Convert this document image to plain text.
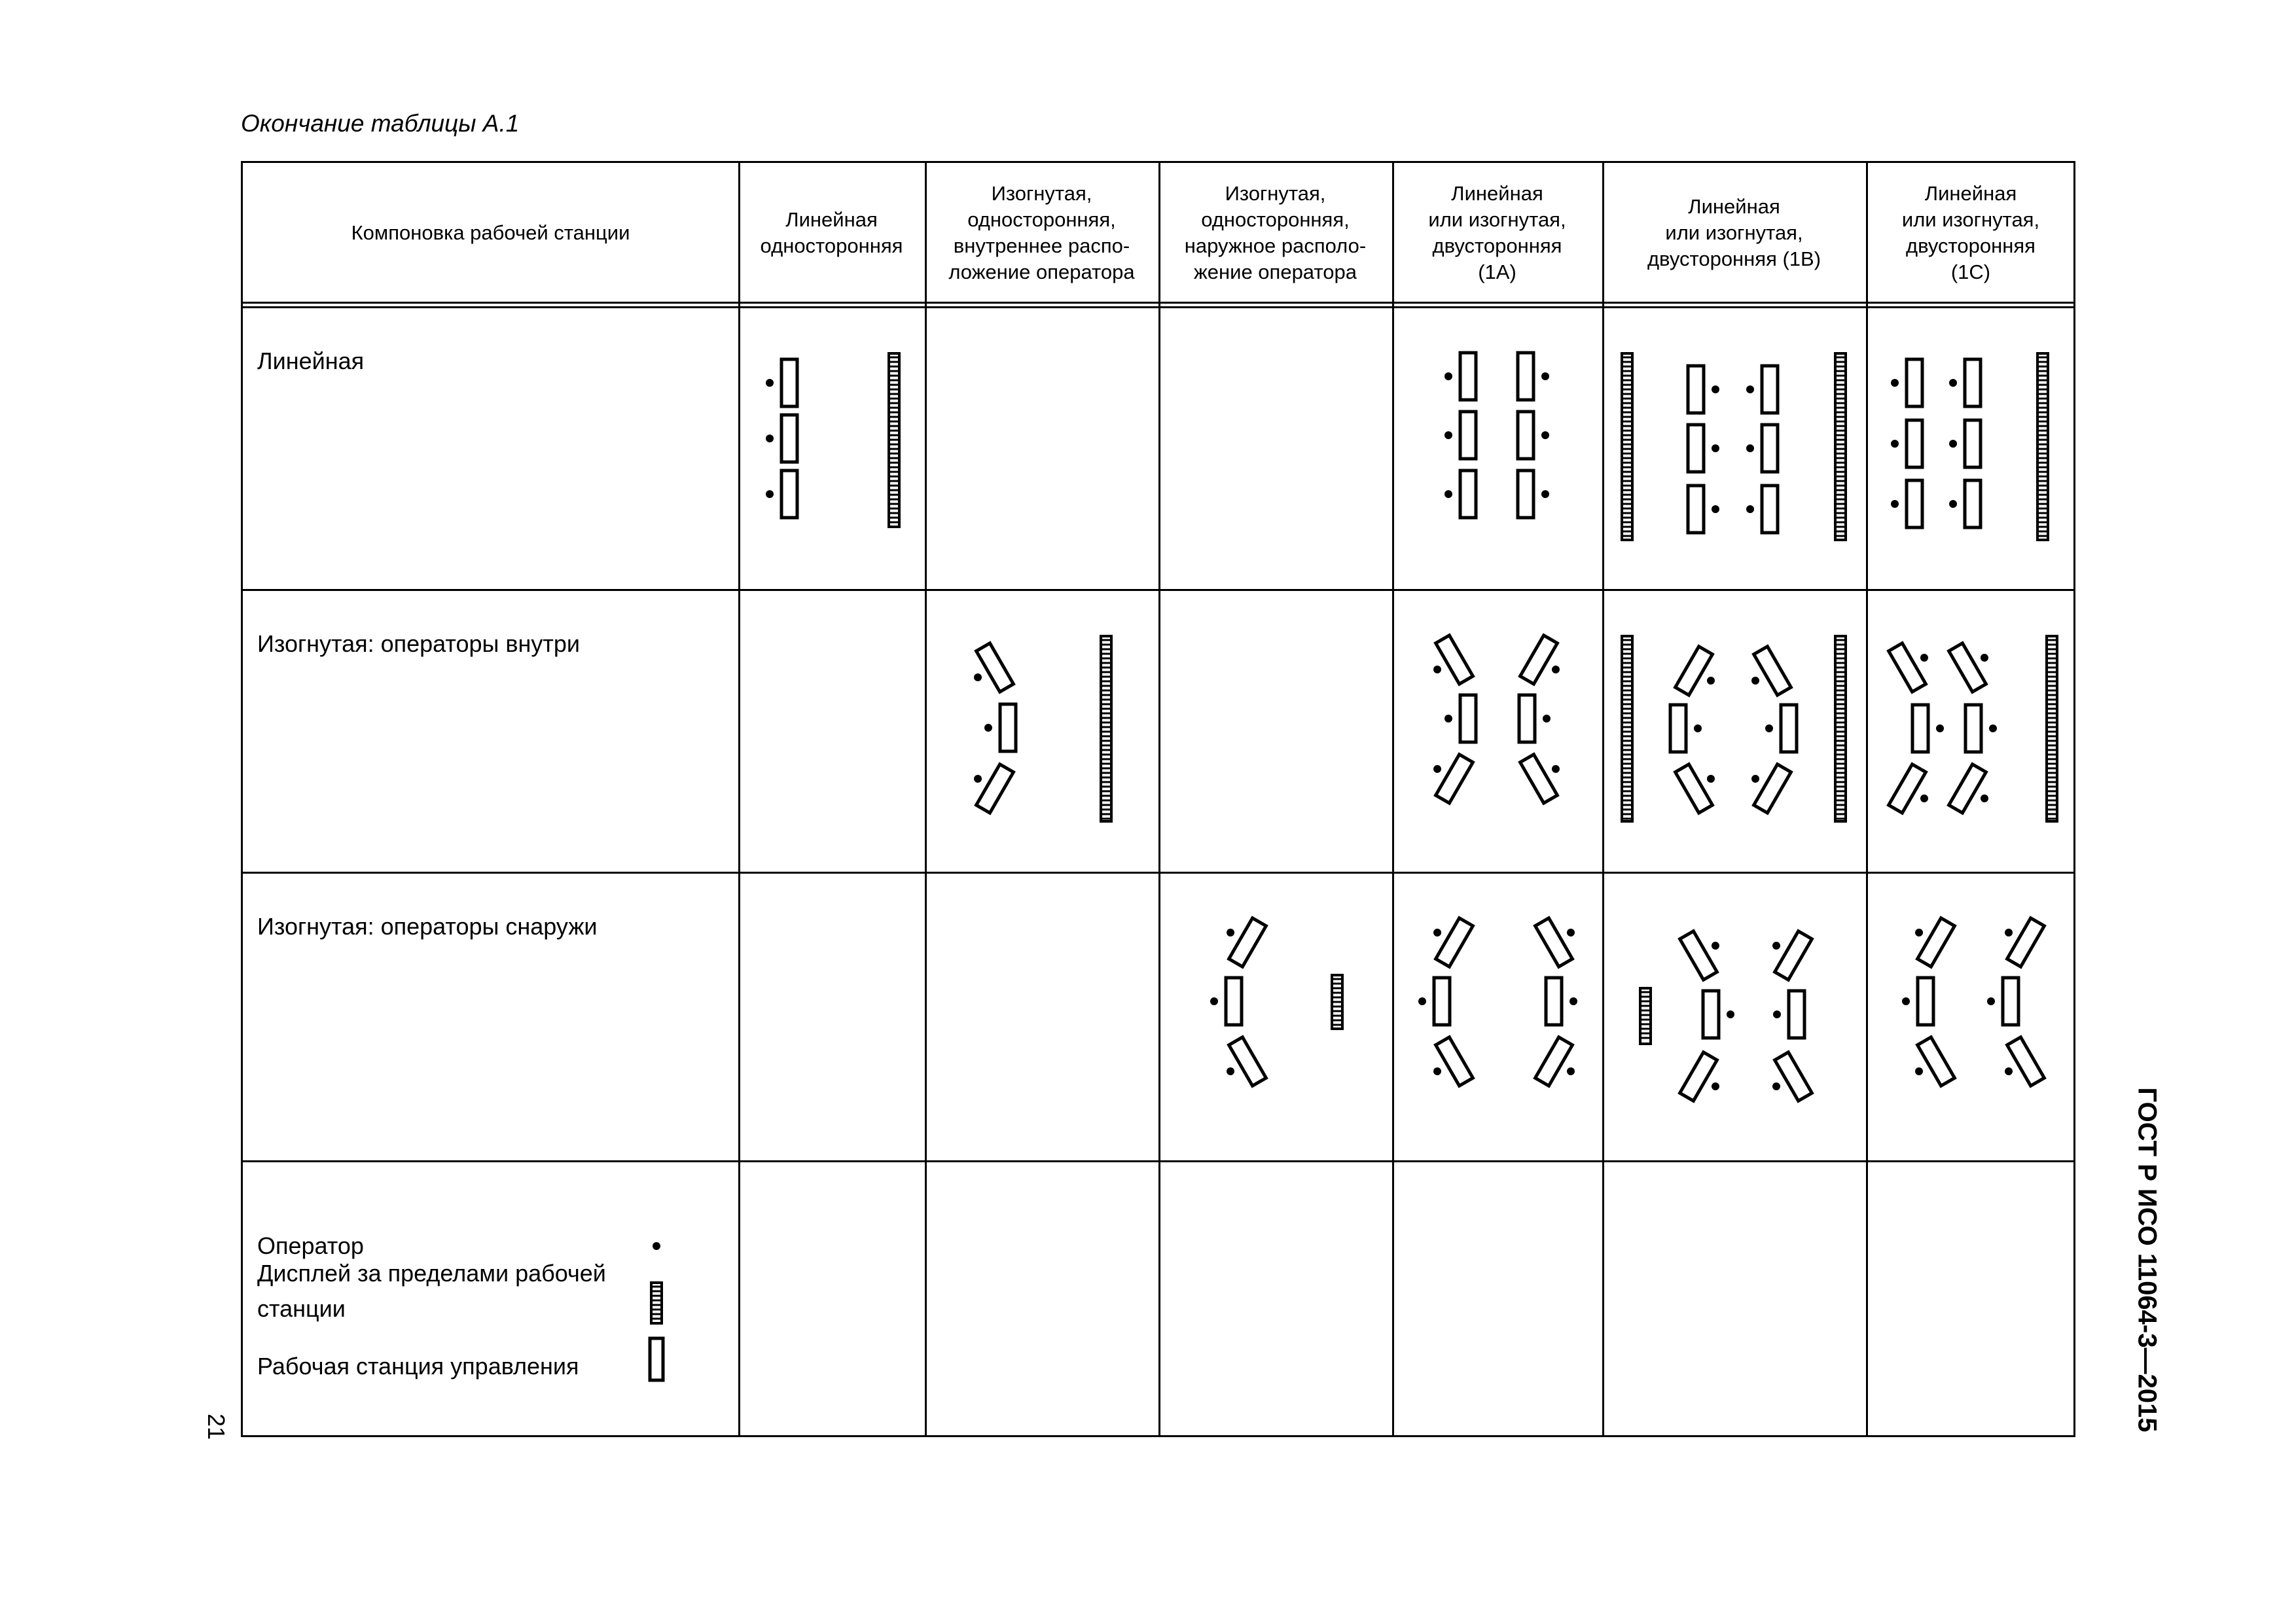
Окончание таблицы А.1
Компоновка рабочей станции
Линейная
односторонняя
Изогнутая,
односторонняя,
внутреннее распо-
ложение оператора
Изогнутая,
односторонняя,
наружное располо-
жение оператора
Линейная
или изогнутая,
двусторонняя
(1A)
Линейная
или изогнутая,
двусторонняя (1B)
Линейная
или изогнутая,
двусторонняя
(1C)
Линейная
Изогнутая: операторы внутри
Изогнутая: операторы снаружи
Оператор
Дисплей за пределами рабочей
станции
Рабочая станция управления	ГОСТ Р ИСО 11064-3—2015
21
